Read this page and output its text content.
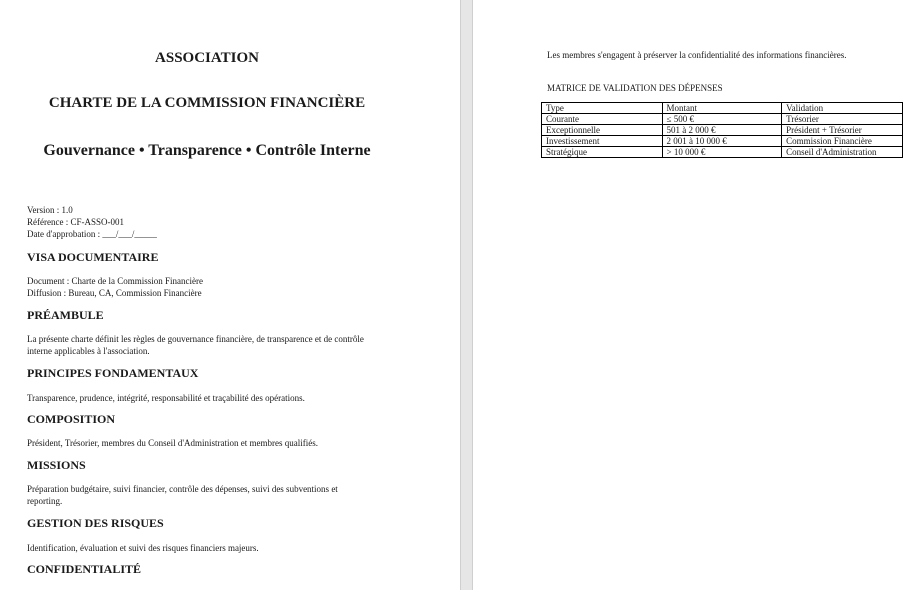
ASSOCIATION
CHARTE DE LA COMMISSION FINANCIÈRE
Gouvernance • Transparence • Contrôle Interne
Version : 1.0
Référence : CF-ASSO-001
Date d'approbation : ___/___/_____
VISA DOCUMENTAIRE
Document : Charte de la Commission Financière
Diffusion : Bureau, CA, Commission Financière
PRÉAMBULE
La présente charte définit les règles de gouvernance financière, de transparence et de contrôle interne applicables à l'association.
PRINCIPES FONDAMENTAUX
Transparence, prudence, intégrité, responsabilité et traçabilité des opérations.
COMPOSITION
Président, Trésorier, membres du Conseil d'Administration et membres qualifiés.
MISSIONS
Préparation budgétaire, suivi financier, contrôle des dépenses, suivi des subventions et reporting.
GESTION DES RISQUES
Identification, évaluation et suivi des risques financiers majeurs.
CONFIDENTIALITÉ
Les membres s'engagent à préserver la confidentialité des informations financières.
MATRICE DE VALIDATION DES DÉPENSES
Type	Montant	Validation
Courante	≤ 500 €	Trésorier
Exceptionnelle	501 à 2 000 €	Président + Trésorier
Investissement	2 001 à 10 000 €	Commission Financière
Stratégique	> 10 000 €	Conseil d'Administration
